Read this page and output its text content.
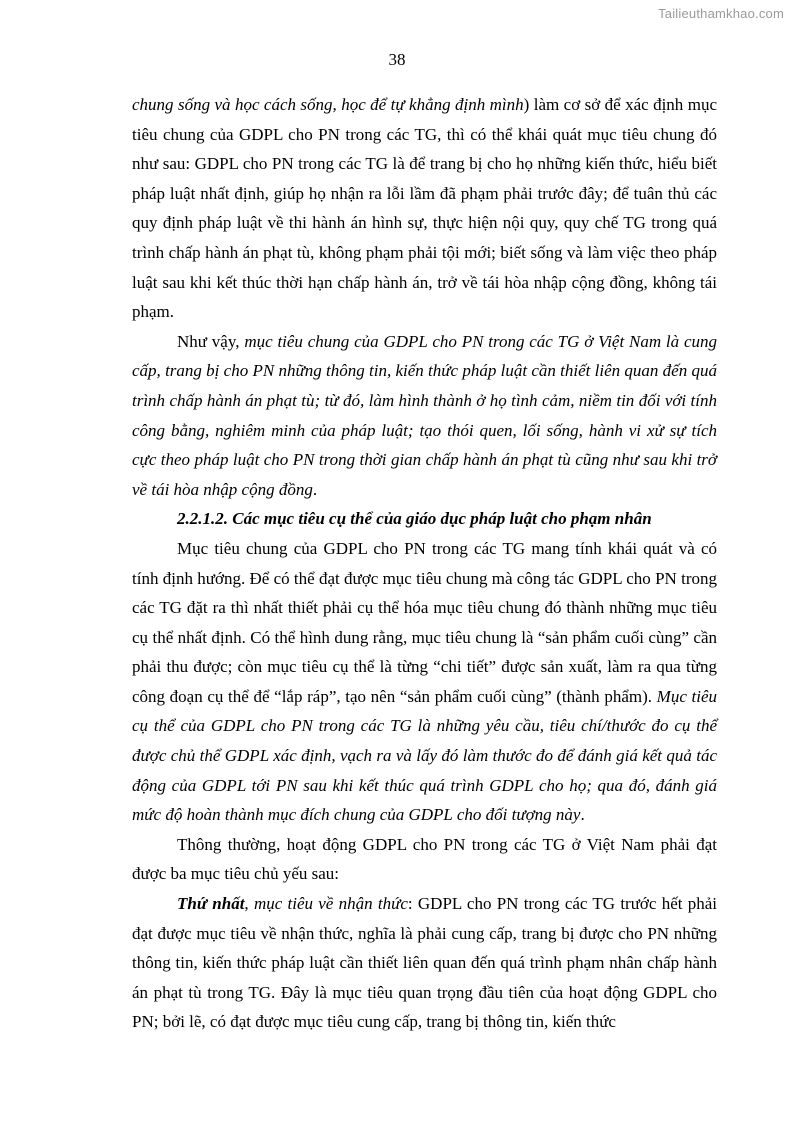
Tailieuthamkhao.com
38

chung sống và học cách sống, học để tự khẳng định mình) làm cơ sở để xác định mục tiêu chung của GDPL cho PN trong các TG, thì có thể khái quát mục tiêu chung đó như sau: GDPL cho PN trong các TG là để trang bị cho họ những kiến thức, hiểu biết pháp luật nhất định, giúp họ nhận ra lỗi lầm đã phạm phải trước đây; để tuân thủ các quy định pháp luật về thi hành án hình sự, thực hiện nội quy, quy chế TG trong quá trình chấp hành án phạt tù, không phạm phải tội mới; biết sống và làm việc theo pháp luật sau khi kết thúc thời hạn chấp hành án, trở về tái hòa nhập cộng đồng, không tái phạm.

Như vậy, mục tiêu chung của GDPL cho PN trong các TG ở Việt Nam là cung cấp, trang bị cho PN những thông tin, kiến thức pháp luật cần thiết liên quan đến quá trình chấp hành án phạt tù; từ đó, làm hình thành ở họ tình cảm, niềm tin đối với tính công bằng, nghiêm minh của pháp luật; tạo thói quen, lối sống, hành vi xử sự tích cực theo pháp luật cho PN trong thời gian chấp hành án phạt tù cũng như sau khi trở về tái hòa nhập cộng đồng.

2.2.1.2. Các mục tiêu cụ thể của giáo dục pháp luật cho phạm nhân

Mục tiêu chung của GDPL cho PN trong các TG mang tính khái quát và có tính định hướng. Để có thể đạt được mục tiêu chung mà công tác GDPL cho PN trong các TG đặt ra thì nhất thiết phải cụ thể hóa mục tiêu chung đó thành những mục tiêu cụ thể nhất định. Có thể hình dung rằng, mục tiêu chung là “sản phẩm cuối cùng” cần phải thu được; còn mục tiêu cụ thể là từng “chi tiết” được sản xuất, làm ra qua từng công đoạn cụ thể để “lắp ráp”, tạo nên “sản phẩm cuối cùng” (thành phẩm). Mục tiêu cụ thể của GDPL cho PN trong các TG là những yêu cầu, tiêu chí/thước đo cụ thể được chủ thể GDPL xác định, vạch ra và lấy đó làm thước đo để đánh giá kết quả tác động của GDPL tới PN sau khi kết thúc quá trình GDPL cho họ; qua đó, đánh giá mức độ hoàn thành mục đích chung của GDPL cho đối tượng này.

Thông thường, hoạt động GDPL cho PN trong các TG ở Việt Nam phải đạt được ba mục tiêu chủ yếu sau:

Thứ nhất, mục tiêu về nhận thức: GDPL cho PN trong các TG trước hết phải đạt được mục tiêu về nhận thức, nghĩa là phải cung cấp, trang bị được cho PN những thông tin, kiến thức pháp luật cần thiết liên quan đến quá trình phạm nhân chấp hành án phạt tù trong TG. Đây là mục tiêu quan trọng đầu tiên của hoạt động GDPL cho PN; bởi lẽ, có đạt được mục tiêu cung cấp, trang bị thông tin, kiến thức
